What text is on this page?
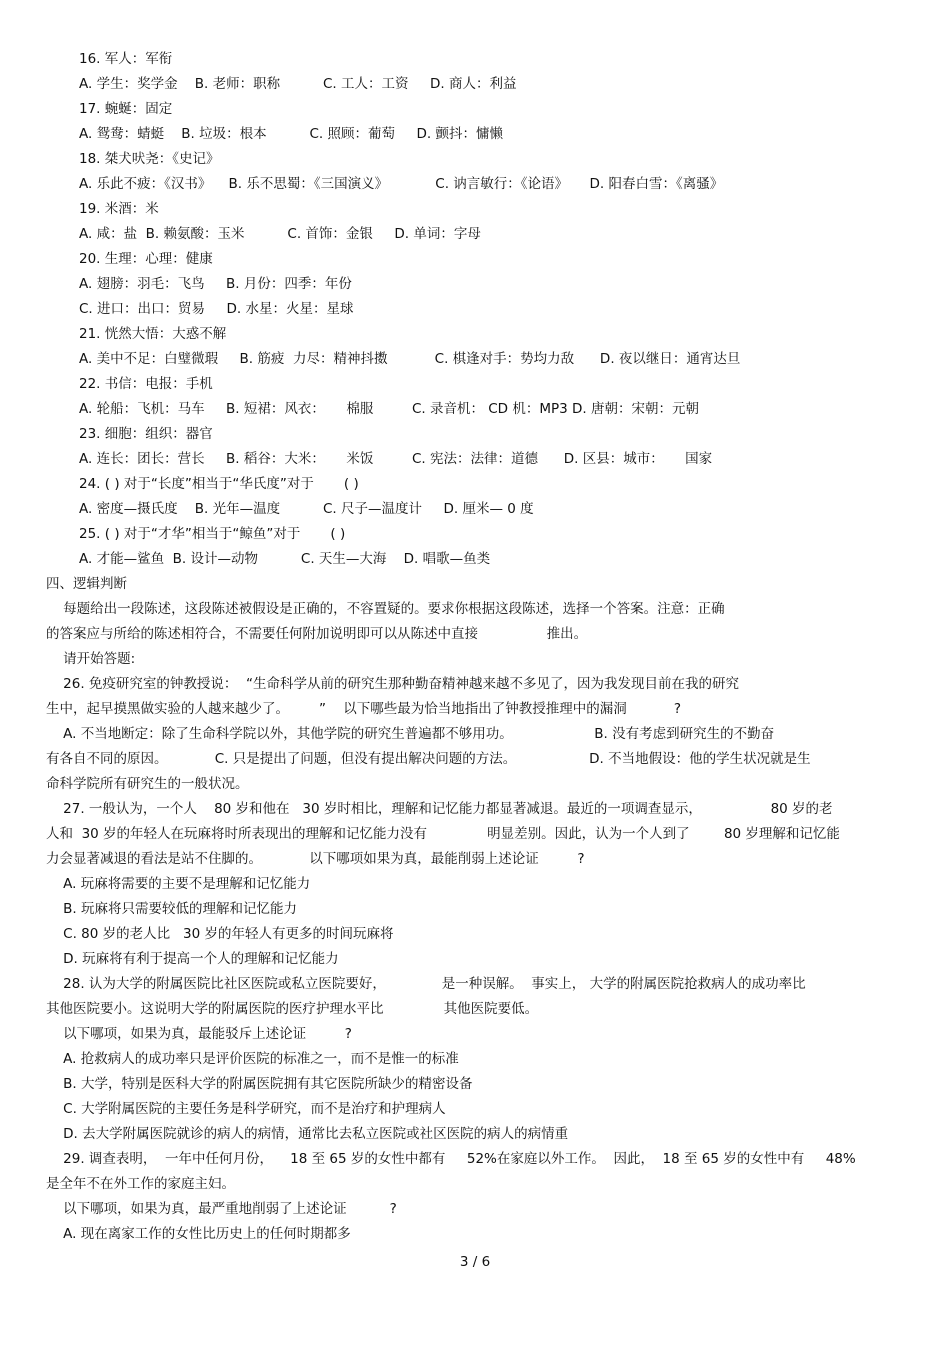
16. 军人：军衔
A. 学生：奖学金    B. 老师：职称          C. 工人：工资     D. 商人：利益
17. 蜿蜒：固定
A. 鸳鸯：蜻蜓    B. 垃圾：根本          C. 照顾：葡萄     D. 颤抖：慵懒
18. 桀犬吠尧：《史记》
A. 乐此不疲：《汉书》    B. 乐不思蜀：《三国演义》           C. 讷言敏行：《论语》     D. 阳春白雪：《离骚》
19. 米酒：米
A. 咸：盐  B. 赖氨酸：玉米          C. 首饰：金银     D. 单词：字母
20. 生理：心理：健康
A. 翅膀：羽毛：飞鸟     B. 月份：四季：年份
C. 进口：出口：贸易     D. 水星：火星：星球
21. 恍然大悟：大惑不解
A. 美中不足：白璧微瑕     B. 筋疲  力尽：精神抖擞           C. 棋逢对手：势均力敌      D. 夜以继日：通宵达旦
22. 书信：电报：手机
A. 轮船：飞机：马车     B. 短裙：风衣：     棉服         C. 录音机： CD 机：MP3 D. 唐朝：宋朝：元朝
23. 细胞：组织：器官
A. 连长：团长：营长     B. 稻谷：大米：     米饭         C. 宪法：法律：道德      D. 区县：城市：     国家
24. ( ) 对于“长度”相当于“华氏度”对于       ( )
A. 密度—摄氏度    B. 光年—温度          C. 尺子—温度计     D. 厘米— 0 度
25. ( ) 对于“才华”相当于“鲸鱼”对于       ( )
A. 才能—鲨鱼  B. 设计—动物          C. 天生—大海    D. 唱歌—鱼类
四、逻辑判断
每题给出一段陈述，这段陈述被假设是正确的，不容置疑的。要求你根据这段陈述，选择一个答案。注意：正确
的答案应与所给的陈述相符合，不需要任何附加说明即可以从陈述中直接                推出。
请开始答题:
26. 免疫研究室的钟教授说：  “生命科学从前的研究生那种勤奋精神越来越不多见了，因为我发现目前在我的研究
生中，起早摸黑做实验的人越来越少了。       ”    以下哪些最为恰当地指出了钟教授推理中的漏洞           ?
A. 不当地断定：除了生命科学院以外，其他学院的研究生普遍都不够用功。                   B. 没有考虑到研究生的不勤奋
有各自不同的原因。           C. 只是提出了问题，但没有提出解决问题的方法。                 D. 不当地假设：他的学生状况就是生
命科学院所有研究生的一般状况。
27. 一般认为，一个人    80 岁和他在   30 岁时相比，理解和记忆能力都显著减退。最近的一项调查显示，                80 岁的老
人和  30 岁的年轻人在玩麻将时所表现出的理解和记忆能力没有              明显差别。因此，认为一个人到了        80 岁理解和记忆能
力会显著减退的看法是站不住脚的。           以下哪项如果为真，最能削弱上述论证         ?
A. 玩麻将需要的主要不是理解和记忆能力
B. 玩麻将只需要较低的理解和记忆能力
C. 80 岁的老人比   30 岁的年轻人有更多的时间玩麻将
D. 玩麻将有利于提高一个人的理解和记忆能力
28. 认为大学的附属医院比社区医院或私立医院要好，             是一种误解。  事实上， 大学的附属医院抢救病人的成功率比
其他医院要小。这说明大学的附属医院的医疗护理水平比              其他医院要低。
以下哪项，如果为真，最能驳斥上述论证         ?
A. 抢救病人的成功率只是评价医院的标准之一，而不是惟一的标准
B. 大学，特别是医科大学的附属医院拥有其它医院所缺少的精密设备
C. 大学附属医院的主要任务是科学研究，而不是治疗和护理病人
D. 去大学附属医院就诊的病人的病情，通常比去私立医院或社区医院的病人的病情重
29. 调查表明，  一年中任何月份，    18 至 65 岁的女性中都有     52%在家庭以外工作。  因此，  18 至 65 岁的女性中有     48%
是全年不在外工作的家庭主妇。
以下哪项，如果为真，最严重地削弱了上述论证          ?
A. 现在离家工作的女性比历史上的任何时期都多
3 / 6
